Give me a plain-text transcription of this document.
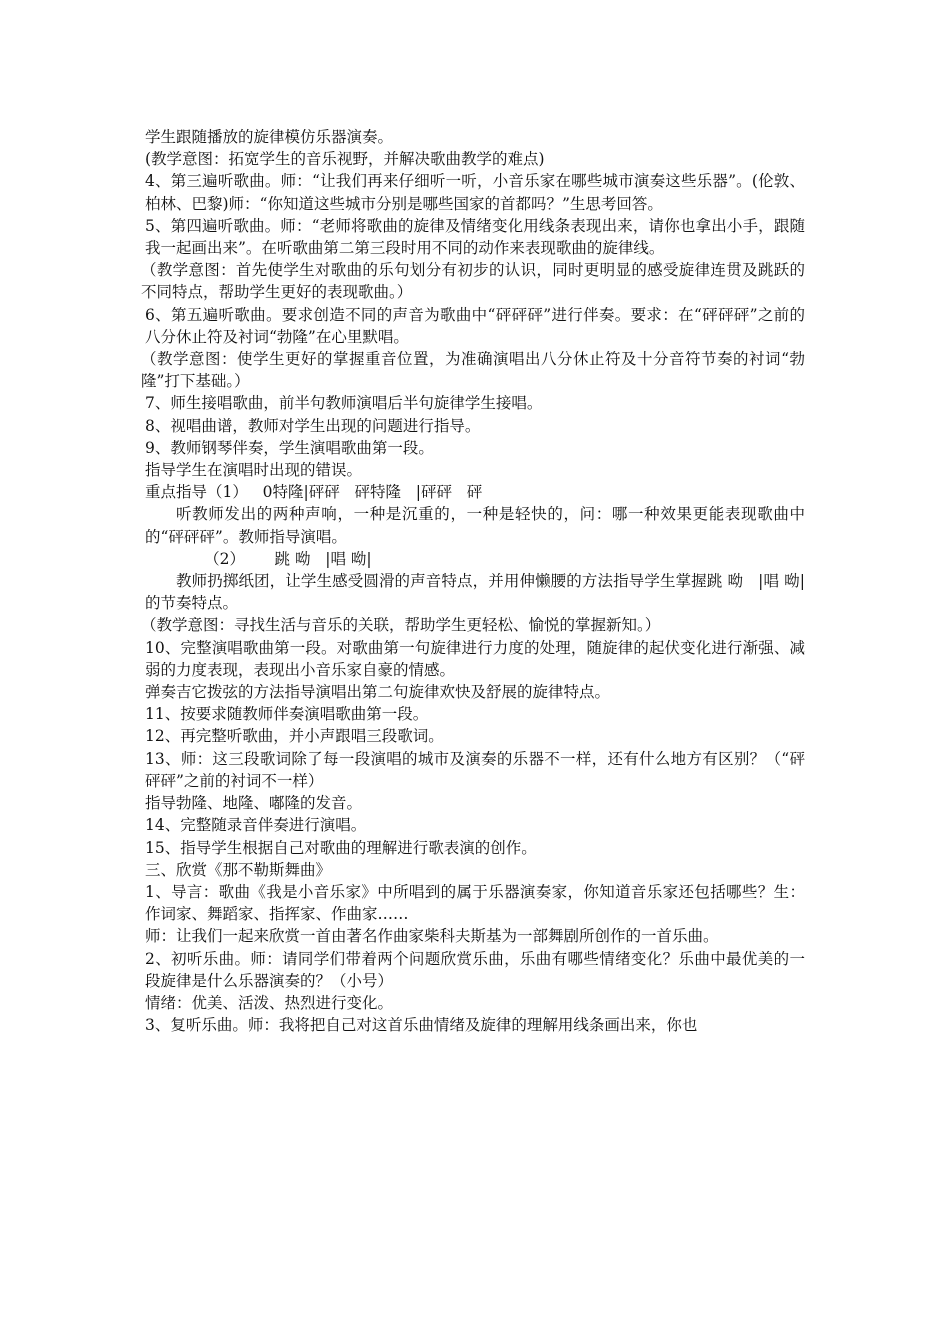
学生跟随播放的旋律模仿乐器演奏。

(教学意图：拓宽学生的音乐视野，并解决歌曲教学的难点)

4、第三遍听歌曲。师：“让我们再来仔细听一听，小音乐家在哪些城市演奏这些乐器”。(伦敦、柏林、巴黎)师：“你知道这些城市分别是哪些国家的首都吗？”生思考回答。

5、第四遍听歌曲。师：“老师将歌曲的旋律及情绪变化用线条表现出来，请你也拿出小手，跟随我一起画出来”。在听歌曲第二第三段时用不同的动作来表现歌曲的旋律线。

（教学意图：首先使学生对歌曲的乐句划分有初步的认识，同时更明显的感受旋律连贯及跳跃的不同特点，帮助学生更好的表现歌曲。）

6、第五遍听歌曲。要求创造不同的声音为歌曲中“砰砰砰”进行伴奏。要求：在“砰砰砰”之前的八分休止符及衬词“勃隆”在心里默唱。

（教学意图：使学生更好的掌握重音位置，为准确演唱出八分休止符及十分音符节奏的衬词“勃隆”打下基础。）

7、师生接唱歌曲，前半句教师演唱后半句旋律学生接唱。

8、视唱曲谱，教师对学生出现的问题进行指导。

9、教师钢琴伴奏，学生演唱歌曲第一段。

指导学生在演唱时出现的错误。

重点指导（1）   0特隆|砰砰   砰特隆   |砰砰   砰

听教师发出的两种声响，一种是沉重的，一种是轻快的，问：哪一种效果更能表现歌曲中的“砰砰砰”。教师指导演唱。

（2）      跳 呦   |唱 呦|

教师扔掷纸团，让学生感受圆滑的声音特点，并用伸懒腰的方法指导学生掌握跳 呦   |唱 呦|的节奏特点。

（教学意图：寻找生活与音乐的关联，帮助学生更轻松、愉悦的掌握新知。）

10、完整演唱歌曲第一段。对歌曲第一句旋律进行力度的处理，随旋律的起伏变化进行渐强、减弱的力度表现，表现出小音乐家自豪的情感。

弹奏吉它拨弦的方法指导演唱出第二句旋律欢快及舒展的旋律特点。

11、按要求随教师伴奏演唱歌曲第一段。

12、再完整听歌曲，并小声跟唱三段歌词。

13、师：这三段歌词除了每一段演唱的城市及演奏的乐器不一样，还有什么地方有区别？（“砰砰砰”之前的衬词不一样）

指导勃隆、地隆、嘟隆的发音。

14、完整随录音伴奏进行演唱。

15、指导学生根据自己对歌曲的理解进行歌表演的创作。

三、欣赏《那不勒斯舞曲》

1、导言：歌曲《我是小音乐家》中所唱到的属于乐器演奏家，你知道音乐家还包括哪些？生：作词家、舞蹈家、指挥家、作曲家……

师：让我们一起来欣赏一首由著名作曲家柴科夫斯基为一部舞剧所创作的一首乐曲。

2、初听乐曲。师：请同学们带着两个问题欣赏乐曲，乐曲有哪些情绪变化？乐曲中最优美的一段旋律是什么乐器演奏的？（小号）

情绪：优美、活泼、热烈进行变化。

3、复听乐曲。师：我将把自己对这首乐曲情绪及旋律的理解用线条画出来，你也
